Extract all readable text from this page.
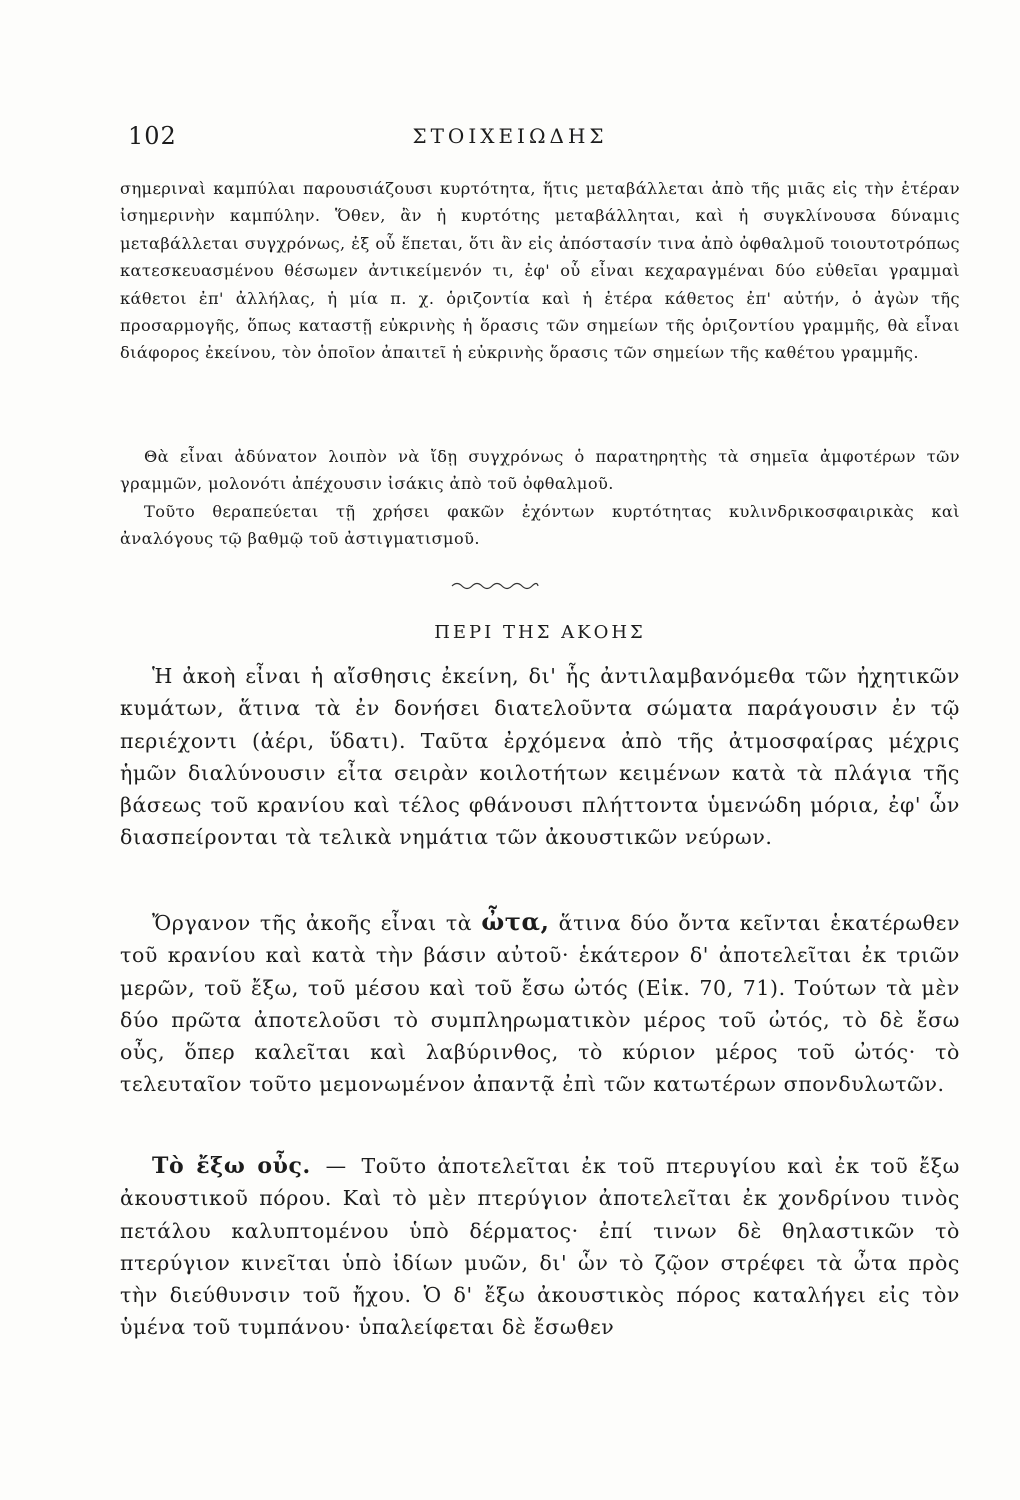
102	ΣΤΟΙΧΕΙΩΔΗΣ

σημεριναὶ καμπύλαι παρουσιάζουσι κυρτότητα, ἥτις μεταβάλλεται ἀπὸ τῆς μιᾶς εἰς τὴν ἑτέραν ἰσημερινὴν καμπύλην. Ὅθεν, ἂν ἡ κυρτότης μεταβάλληται, καὶ ἡ συγκλίνουσα δύναμις μεταβάλλεται συγχρόνως, ἐξ οὗ ἕπεται, ὅτι ἂν εἰς ἀπόστασίν τινα ἀπὸ ὀφθαλμοῦ τοιουτοτρόπως κατεσκευασμένου θέσωμεν ἀντικείμενόν τι, ἐφ' οὗ εἶναι κεχαραγμέναι δύο εὐθεῖαι γραμμαὶ κάθετοι ἐπ' ἀλλήλας, ἡ μία π. χ. ὁριζοντία καὶ ἡ ἑτέρα κάθετος ἐπ' αὐτήν, ὁ ἀγὼν τῆς προσαρμογῆς, ὅπως καταστῇ εὐκρινὴς ἡ ὅρασις τῶν σημείων τῆς ὁριζοντίου γραμμῆς, θὰ εἶναι διάφορος ἐκείνου, τὸν ὁποῖον ἀπαιτεῖ ἡ εὐκρινὴς ὅρασις τῶν σημείων τῆς καθέτου γραμμῆς.

Θὰ εἶναι ἀδύνατον λοιπὸν νὰ ἴδῃ συγχρόνως ὁ παρατηρητὴς τὰ σημεῖα ἀμφοτέρων τῶν γραμμῶν, μολονότι ἀπέχουσιν ἰσάκις ἀπὸ τοῦ ὀφθαλμοῦ.

Τοῦτο θεραπεύεται τῇ χρήσει φακῶν ἐχόντων κυρτότητας κυλινδρικοσφαιρικὰς καὶ ἀναλόγους τῷ βαθμῷ τοῦ ἀστιγματισμοῦ.

ΠΕΡΙ ΤΗΣ ΑΚΟΗΣ

Ἡ ἀκοὴ εἶναι ἡ αἴσθησις ἐκείνη, δι' ἧς ἀντιλαμβανόμεθα τῶν ἠχητικῶν κυμάτων, ἅτινα τὰ ἐν δονήσει διατελοῦντα σώματα παράγουσιν ἐν τῷ περιέχοντι (ἀέρι, ὕδατι). Ταῦτα ἐρχόμενα ἀπὸ τῆς ἀτμοσφαίρας μέχρις ἡμῶν διαλύνουσιν εἶτα σειρὰν κοιλοτήτων κειμένων κατὰ τὰ πλάγια τῆς βάσεως τοῦ κρανίου καὶ τέλος φθάνουσι πλήττοντα ὑμενώδη μόρια, ἐφ' ὧν διασπείρονται τὰ τελικὰ νημάτια τῶν ἀκουστικῶν νεύρων.

Ὄργανον τῆς ἀκοῆς εἶναι τὰ ὦτα, ἅτινα δύο ὄντα κεῖνται ἑκατέρωθεν τοῦ κρανίου καὶ κατὰ τὴν βάσιν αὐτοῦ· ἑκάτερον δ' ἀποτελεῖται ἐκ τριῶν μερῶν, τοῦ ἔξω, τοῦ μέσου καὶ τοῦ ἔσω ὠτός (Εἰκ. 70, 71). Τούτων τὰ μὲν δύο πρῶτα ἀποτελοῦσι τὸ συμπληρωματικὸν μέρος τοῦ ὠτός, τὸ δὲ ἔσω οὖς, ὅπερ καλεῖται καὶ λαβύρινθος, τὸ κύριον μέρος τοῦ ὠτός· τὸ τελευταῖον τοῦτο μεμονωμένον ἀπαντᾷ ἐπὶ τῶν κατωτέρων σπονδυλωτῶν.

Τὸ ἔξω οὖς. — Τοῦτο ἀποτελεῖται ἐκ τοῦ πτερυγίου καὶ ἐκ τοῦ ἔξω ἀκουστικοῦ πόρου. Καὶ τὸ μὲν πτερύγιον ἀποτελεῖται ἐκ χονδρίνου τινὸς πετάλου καλυπτομένου ὑπὸ δέρματος· ἐπί τινων δὲ θηλαστικῶν τὸ πτερύγιον κινεῖται ὑπὸ ἰδίων μυῶν, δι' ὧν τὸ ζῷον στρέφει τὰ ὦτα πρὸς τὴν διεύθυνσιν τοῦ ἤχου. Ὁ δ' ἔξω ἀκουστικὸς πόρος καταλήγει εἰς τὸν ὑμένα τοῦ τυμπάνου· ὑπαλείφεται δὲ ἔσωθεν
